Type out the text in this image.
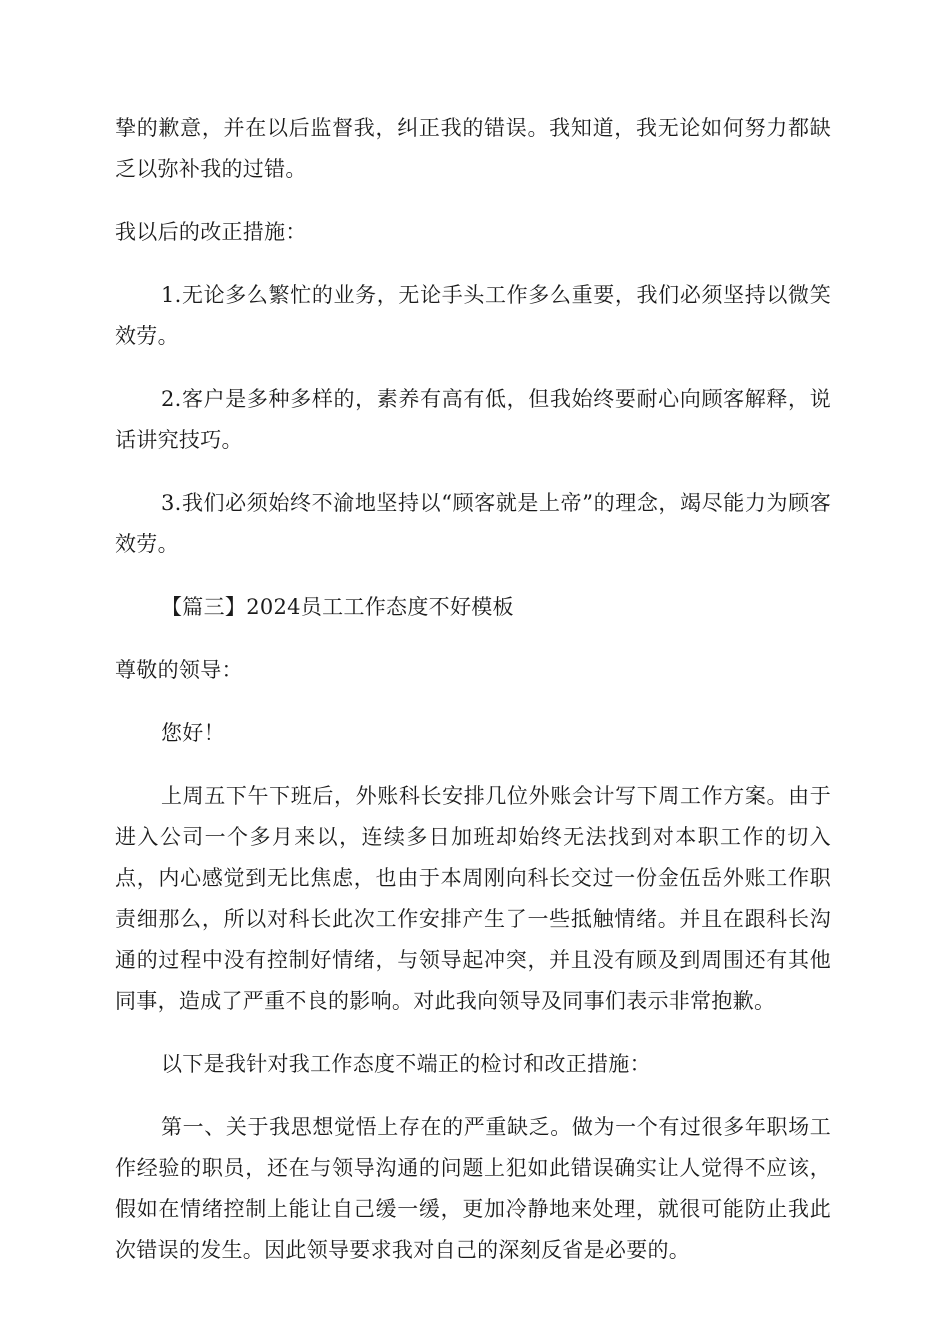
挚的歉意，并在以后监督我，纠正我的错误。我知道，我无论如何努力都缺乏以弥补我的过错。

我以后的改正措施：

1.无论多么繁忙的业务，无论手头工作多么重要，我们必须坚持以微笑效劳。

2.客户是多种多样的，素养有高有低，但我始终要耐心向顾客解释，说话讲究技巧。

3.我们必须始终不渝地坚持以“顾客就是上帝”的理念，竭尽能力为顾客效劳。

【篇三】2024员工工作态度不好模板

尊敬的领导：

您好！

上周五下午下班后，外账科长安排几位外账会计写下周工作方案。由于进入公司一个多月来以，连续多日加班却始终无法找到对本职工作的切入点，内心感觉到无比焦虑，也由于本周刚向科长交过一份金伍岳外账工作职责细那么，所以对科长此次工作安排产生了一些抵触情绪。并且在跟科长沟通的过程中没有控制好情绪，与领导起冲突，并且没有顾及到周围还有其他同事，造成了严重不良的影响。对此我向领导及同事们表示非常抱歉。

以下是我针对我工作态度不端正的检讨和改正措施：

第一、关于我思想觉悟上存在的严重缺乏。做为一个有过很多年职场工作经验的职员，还在与领导沟通的问题上犯如此错误确实让人觉得不应该，假如在情绪控制上能让自己缓一缓，更加冷静地来处理，就很可能防止我此次错误的发生。因此领导要求我对自己的深刻反省是必要的。
